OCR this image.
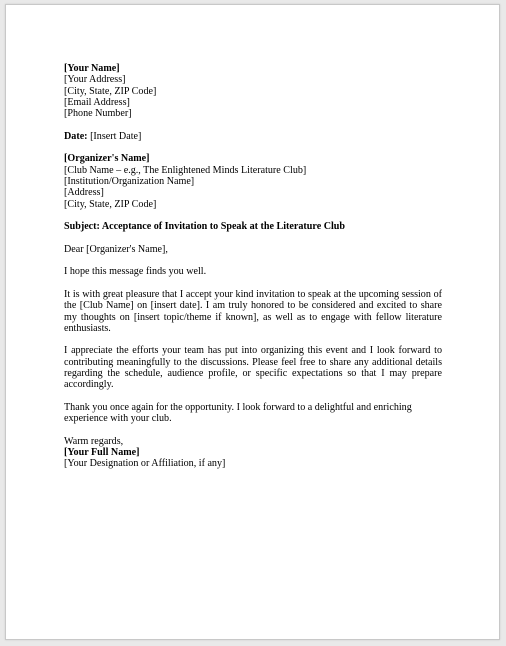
[Your Name]

[Your Address]

[City, State, ZIP Code]

[Email Address]

[Phone Number]

Date: [Insert Date]

[Organizer's Name]

[Club Name – e.g., The Enlightened Minds Literature Club]

[Institution/Organization Name]

[Address]

[City, State, ZIP Code]

Subject: Acceptance of Invitation to Speak at the Literature Club

Dear [Organizer's Name],

I hope this message finds you well.

It is with great pleasure that I accept your kind invitation to speak at the upcoming session of the [Club Name] on [insert date]. I am truly honored to be considered and excited to share my thoughts on [insert topic/theme if known], as well as to engage with fellow literature enthusiasts.

I appreciate the efforts your team has put into organizing this event and I look forward to contributing meaningfully to the discussions. Please feel free to share any additional details regarding the schedule, audience profile, or specific expectations so that I may prepare accordingly.

Thank you once again for the opportunity. I look forward to a delightful and enriching experience with your club.

Warm regards,

[Your Full Name]

[Your Designation or Affiliation, if any]
